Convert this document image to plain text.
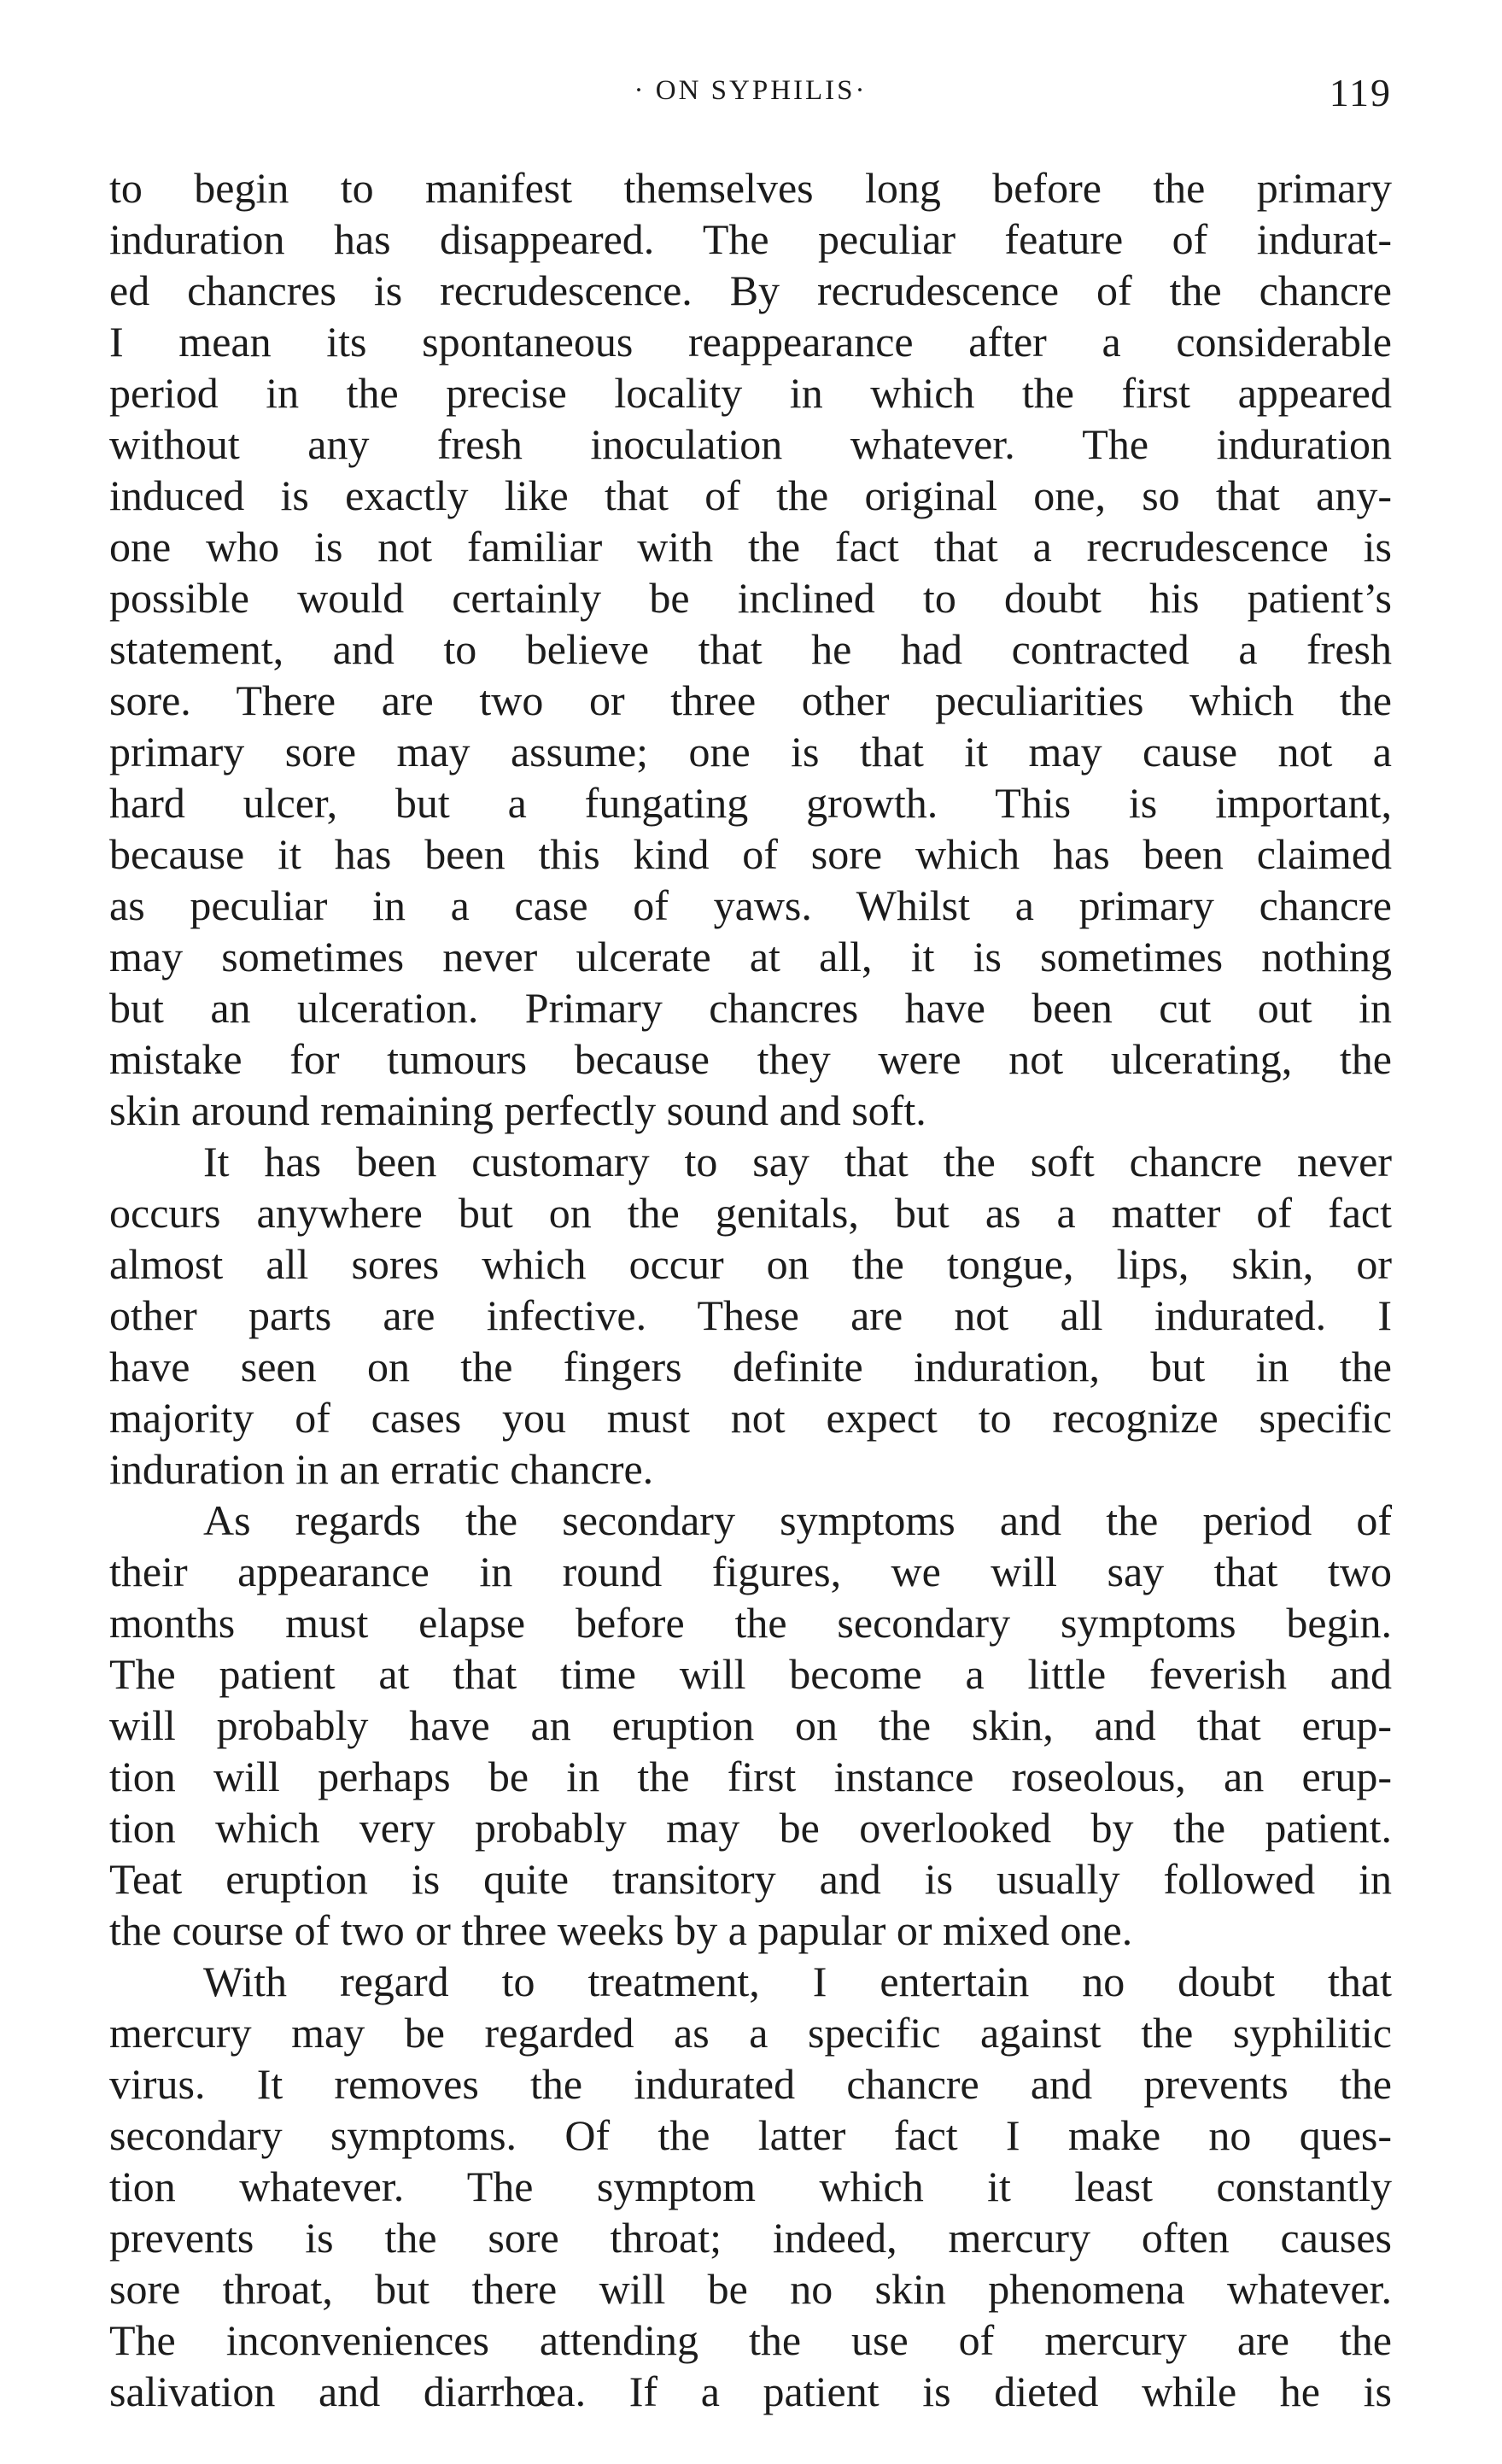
· ON SYPHILIS·	119

to begin to manifest themselves long before the primary

induration has disappeared. The peculiar feature of indurat-

ed chancres is recrudescence. By recrudescence of the chancre

I mean its spontaneous reappearance after a considerable

period in the precise locality in which the first appeared

without any fresh inoculation whatever. The induration

induced is exactly like that of the original one, so that any-

one who is not familiar with the fact that a recrudescence is

possible would certainly be inclined to doubt his patient’s

statement, and to believe that he had contracted a fresh

sore. There are two or three other peculiarities which the

primary sore may assume; one is that it may cause not a

hard ulcer, but a fungating growth. This is important,

because it has been this kind of sore which has been claimed

as peculiar in a case of yaws. Whilst a primary chancre

may sometimes never ulcerate at all, it is sometimes nothing

but an ulceration. Primary chancres have been cut out in

mistake for tumours because they were not ulcerating, the

skin around remaining perfectly sound and soft.

It has been customary to say that the soft chancre never

occurs anywhere but on the genitals, but as a matter of fact

almost all sores which occur on the tongue, lips, skin, or

other parts are infective. These are not all indurated. I

have seen on the fingers definite induration, but in the

majority of cases you must not expect to recognize specific

induration in an erratic chancre.

As regards the secondary symptoms and the period of

their appearance in round figures, we will say that two

months must elapse before the secondary symptoms begin.

The patient at that time will become a little feverish and

will probably have an eruption on the skin, and that erup-

tion will perhaps be in the first instance roseolous, an erup-

tion which very probably may be overlooked by the patient.

Teat eruption is quite transitory and is usually followed in

the course of two or three weeks by a papular or mixed one.

With regard to treatment, I entertain no doubt that

mercury may be regarded as a specific against the syphilitic

virus. It removes the indurated chancre and prevents the

secondary symptoms. Of the latter fact I make no ques-

tion whatever. The symptom which it least constantly

prevents is the sore throat; indeed, mercury often causes

sore throat, but there will be no skin phenomena whatever.

The inconveniences attending the use of mercury are the

salivation and diarrhœa. If a patient is dieted while he is
